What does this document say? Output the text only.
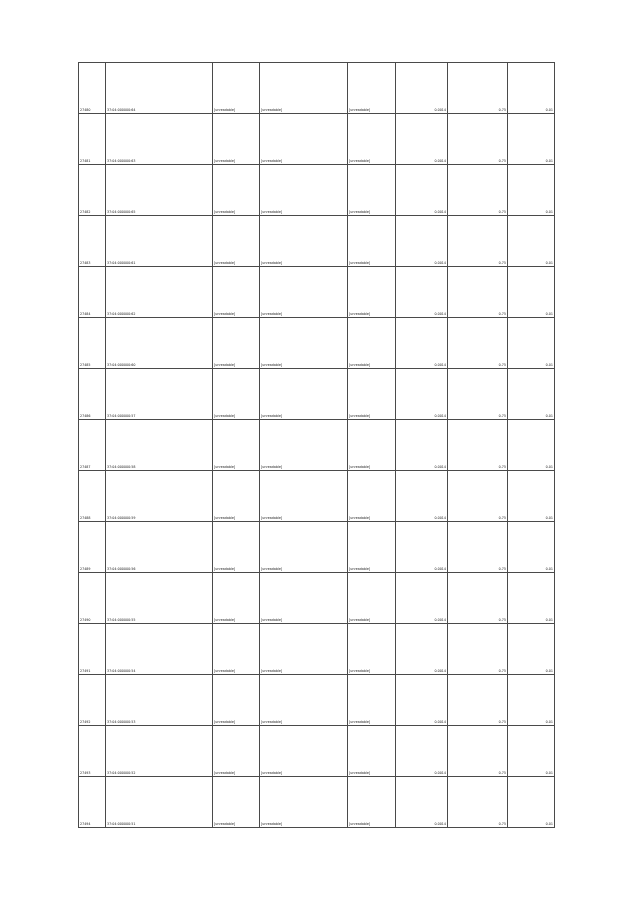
27480	37:04:000000:64	[unreadable]	[unreadable]	[unreadable]	0.0014	0.75	0.01
27481	37:04:000000:63	[unreadable]	[unreadable]	[unreadable]	0.0014	0.75	0.01
27482	37:04:000000:65	[unreadable]	[unreadable]	[unreadable]	0.0014	0.75	0.01
27483	37:04:000000:61	[unreadable]	[unreadable]	[unreadable]	0.0014	0.75	0.01
27484	37:04:000000:62	[unreadable]	[unreadable]	[unreadable]	0.0014	0.75	0.01
27485	37:04:000000:60	[unreadable]	[unreadable]	[unreadable]	0.0014	0.75	0.01
27486	37:04:000000:57	[unreadable]	[unreadable]	[unreadable]	0.0014	0.75	0.01
27487	37:04:000000:58	[unreadable]	[unreadable]	[unreadable]	0.0014	0.75	0.01
27488	37:04:000000:59	[unreadable]	[unreadable]	[unreadable]	0.0014	0.75	0.01
27489	37:04:000000:56	[unreadable]	[unreadable]	[unreadable]	0.0014	0.75	0.01
27490	37:04:000000:55	[unreadable]	[unreadable]	[unreadable]	0.0014	0.75	0.01
27491	37:04:000000:54	[unreadable]	[unreadable]	[unreadable]	0.0014	0.75	0.01
27492	37:04:000000:53	[unreadable]	[unreadable]	[unreadable]	0.0014	0.75	0.01
27493	37:04:000000:52	[unreadable]	[unreadable]	[unreadable]	0.0014	0.75	0.01
27494	37:04:000000:51	[unreadable]	[unreadable]	[unreadable]	0.0014	0.75	0.01
